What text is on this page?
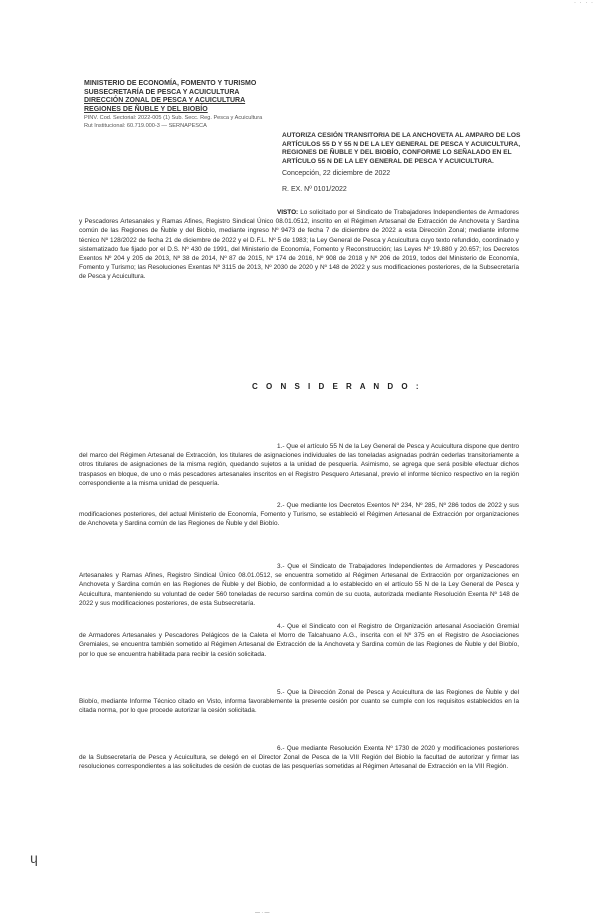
· · · ·
MINISTERIO DE ECONOMÍA, FOMENTO Y TURISMO
SUBSECRETARÍA DE PESCA Y ACUICULTURA
DIRECCIÓN ZONAL DE PESCA Y ACUICULTURA
REGIONES DE ÑUBLE Y DEL BIOBÍO
PINV. Cod. Sectorial: 2022-005 (1) Sub. Secc. Reg. Pesca y Acuicultura
Rut Institucional: 60.719.000-3 — SERNAPESCA
AUTORIZA CESIÓN TRANSITORIA DE LA ANCHOVETA AL AMPARO DE LOS ARTÍCULOS 55 D Y 55 N DE LA LEY GENERAL DE PESCA Y ACUICULTURA, REGIONES DE ÑUBLE Y DEL BIOBÍO, CONFORME LO SEÑALADO EN EL ARTÍCULO 55 N DE LA LEY GENERAL DE PESCA Y ACUICULTURA.
Concepción, 22 diciembre de 2022
R. EX. Nº 0101/2022
VISTO: Lo solicitado por el Sindicato de Trabajadores Independientes de Armadores y Pescadores Artesanales y Ramas Afines, Registro Sindical Único 08.01.0512, inscrito en el Régimen Artesanal de Extracción de Anchoveta y Sardina común de las Regiones de Ñuble y del Biobío, mediante ingreso Nº 9473 de fecha 7 de diciembre de 2022 a esta Dirección Zonal; mediante informe técnico Nº 128/2022 de fecha 21 de diciembre de 2022 y el D.F.L. Nº 5 de 1983; la Ley General de Pesca y Acuicultura cuyo texto refundido, coordinado y sistematizado fue fijado por el D.S. Nº 430 de 1991, del Ministerio de Economía, Fomento y Reconstrucción; las Leyes Nº 19.880 y 20.657; los Decretos Exentos Nº 204 y 205 de 2013, Nº 38 de 2014, Nº 87 de 2015, Nº 174 de 2016, Nº 908 de 2018 y Nº 206 de 2019, todos del Ministerio de Economía, Fomento y Turismo; las Resoluciones Exentas Nº 3115 de 2013, Nº 2030 de 2020 y Nº 148 de 2022 y sus modificaciones posteriores, de la Subsecretaría de Pesca y Acuicultura.
C O N S I D E R A N D O :
1.- Que el artículo 55 N de la Ley General de Pesca y Acuicultura dispone que dentro del marco del Régimen Artesanal de Extracción, los titulares de asignaciones individuales de las toneladas asignadas podrán cederlas transitoriamente a otros titulares de asignaciones de la misma región, quedando sujetos a la unidad de pesquería. Asimismo, se agrega que será posible efectuar dichos traspasos en bloque, de uno o más pescadores artesanales inscritos en el Registro Pesquero Artesanal, previo el informe técnico respectivo en la región correspondiente a la misma unidad de pesquería.
2.- Que mediante los Decretos Exentos Nº 234, Nº 285, Nº 286 todos de 2022 y sus modificaciones posteriores, del actual Ministerio de Economía, Fomento y Turismo, se estableció el Régimen Artesanal de Extracción por organizaciones de Anchoveta y Sardina común de las Regiones de Ñuble y del Biobío.
3.- Que el Sindicato de Trabajadores Independientes de Armadores y Pescadores Artesanales y Ramas Afines, Registro Sindical Único 08.01.0512, se encuentra sometido al Régimen Artesanal de Extracción por organizaciones en Anchoveta y Sardina común en las Regiones de Ñuble y del Biobío, de conformidad a lo establecido en el artículo 55 N de la Ley General de Pesca y Acuicultura, manteniendo su voluntad de ceder 560 toneladas de recurso sardina común de su cuota, autorizada mediante Resolución Exenta Nº 148 de 2022 y sus modificaciones posteriores, de esta Subsecretaría.
4.- Que el Sindicato con el Registro de Organización artesanal Asociación Gremial de Armadores Artesanales y Pescadores Pelágicos de la Caleta el Morro de Talcahuano A.G., inscrita con el Nº 375 en el Registro de Asociaciones Gremiales, se encuentra también sometido al Régimen Artesanal de Extracción de la Anchoveta y Sardina común de las Regiones de Ñuble y del Biobío, por lo que se encuentra habilitada para recibir la cesión solicitada.
5.- Que la Dirección Zonal de Pesca y Acuicultura de las Regiones de Ñuble y del Biobío, mediante Informe Técnico citado en Visto, informa favorablemente la presente cesión por cuanto se cumple con los requisitos establecidos en la citada norma, por lo que procede autorizar la cesión solicitada.
6.- Que mediante Resolución Exenta Nº 1730 de 2020 y modificaciones posteriores de la Subsecretaría de Pesca y Acuicultura, se delegó en el Director Zonal de Pesca de la VIII Región del Biobío la facultad de autorizar y firmar las resoluciones correspondientes a las solicitudes de cesión de cuotas de las pesquerías sometidas al Régimen Artesanal de Extracción en la VIII Región.
ɥ
— · —
